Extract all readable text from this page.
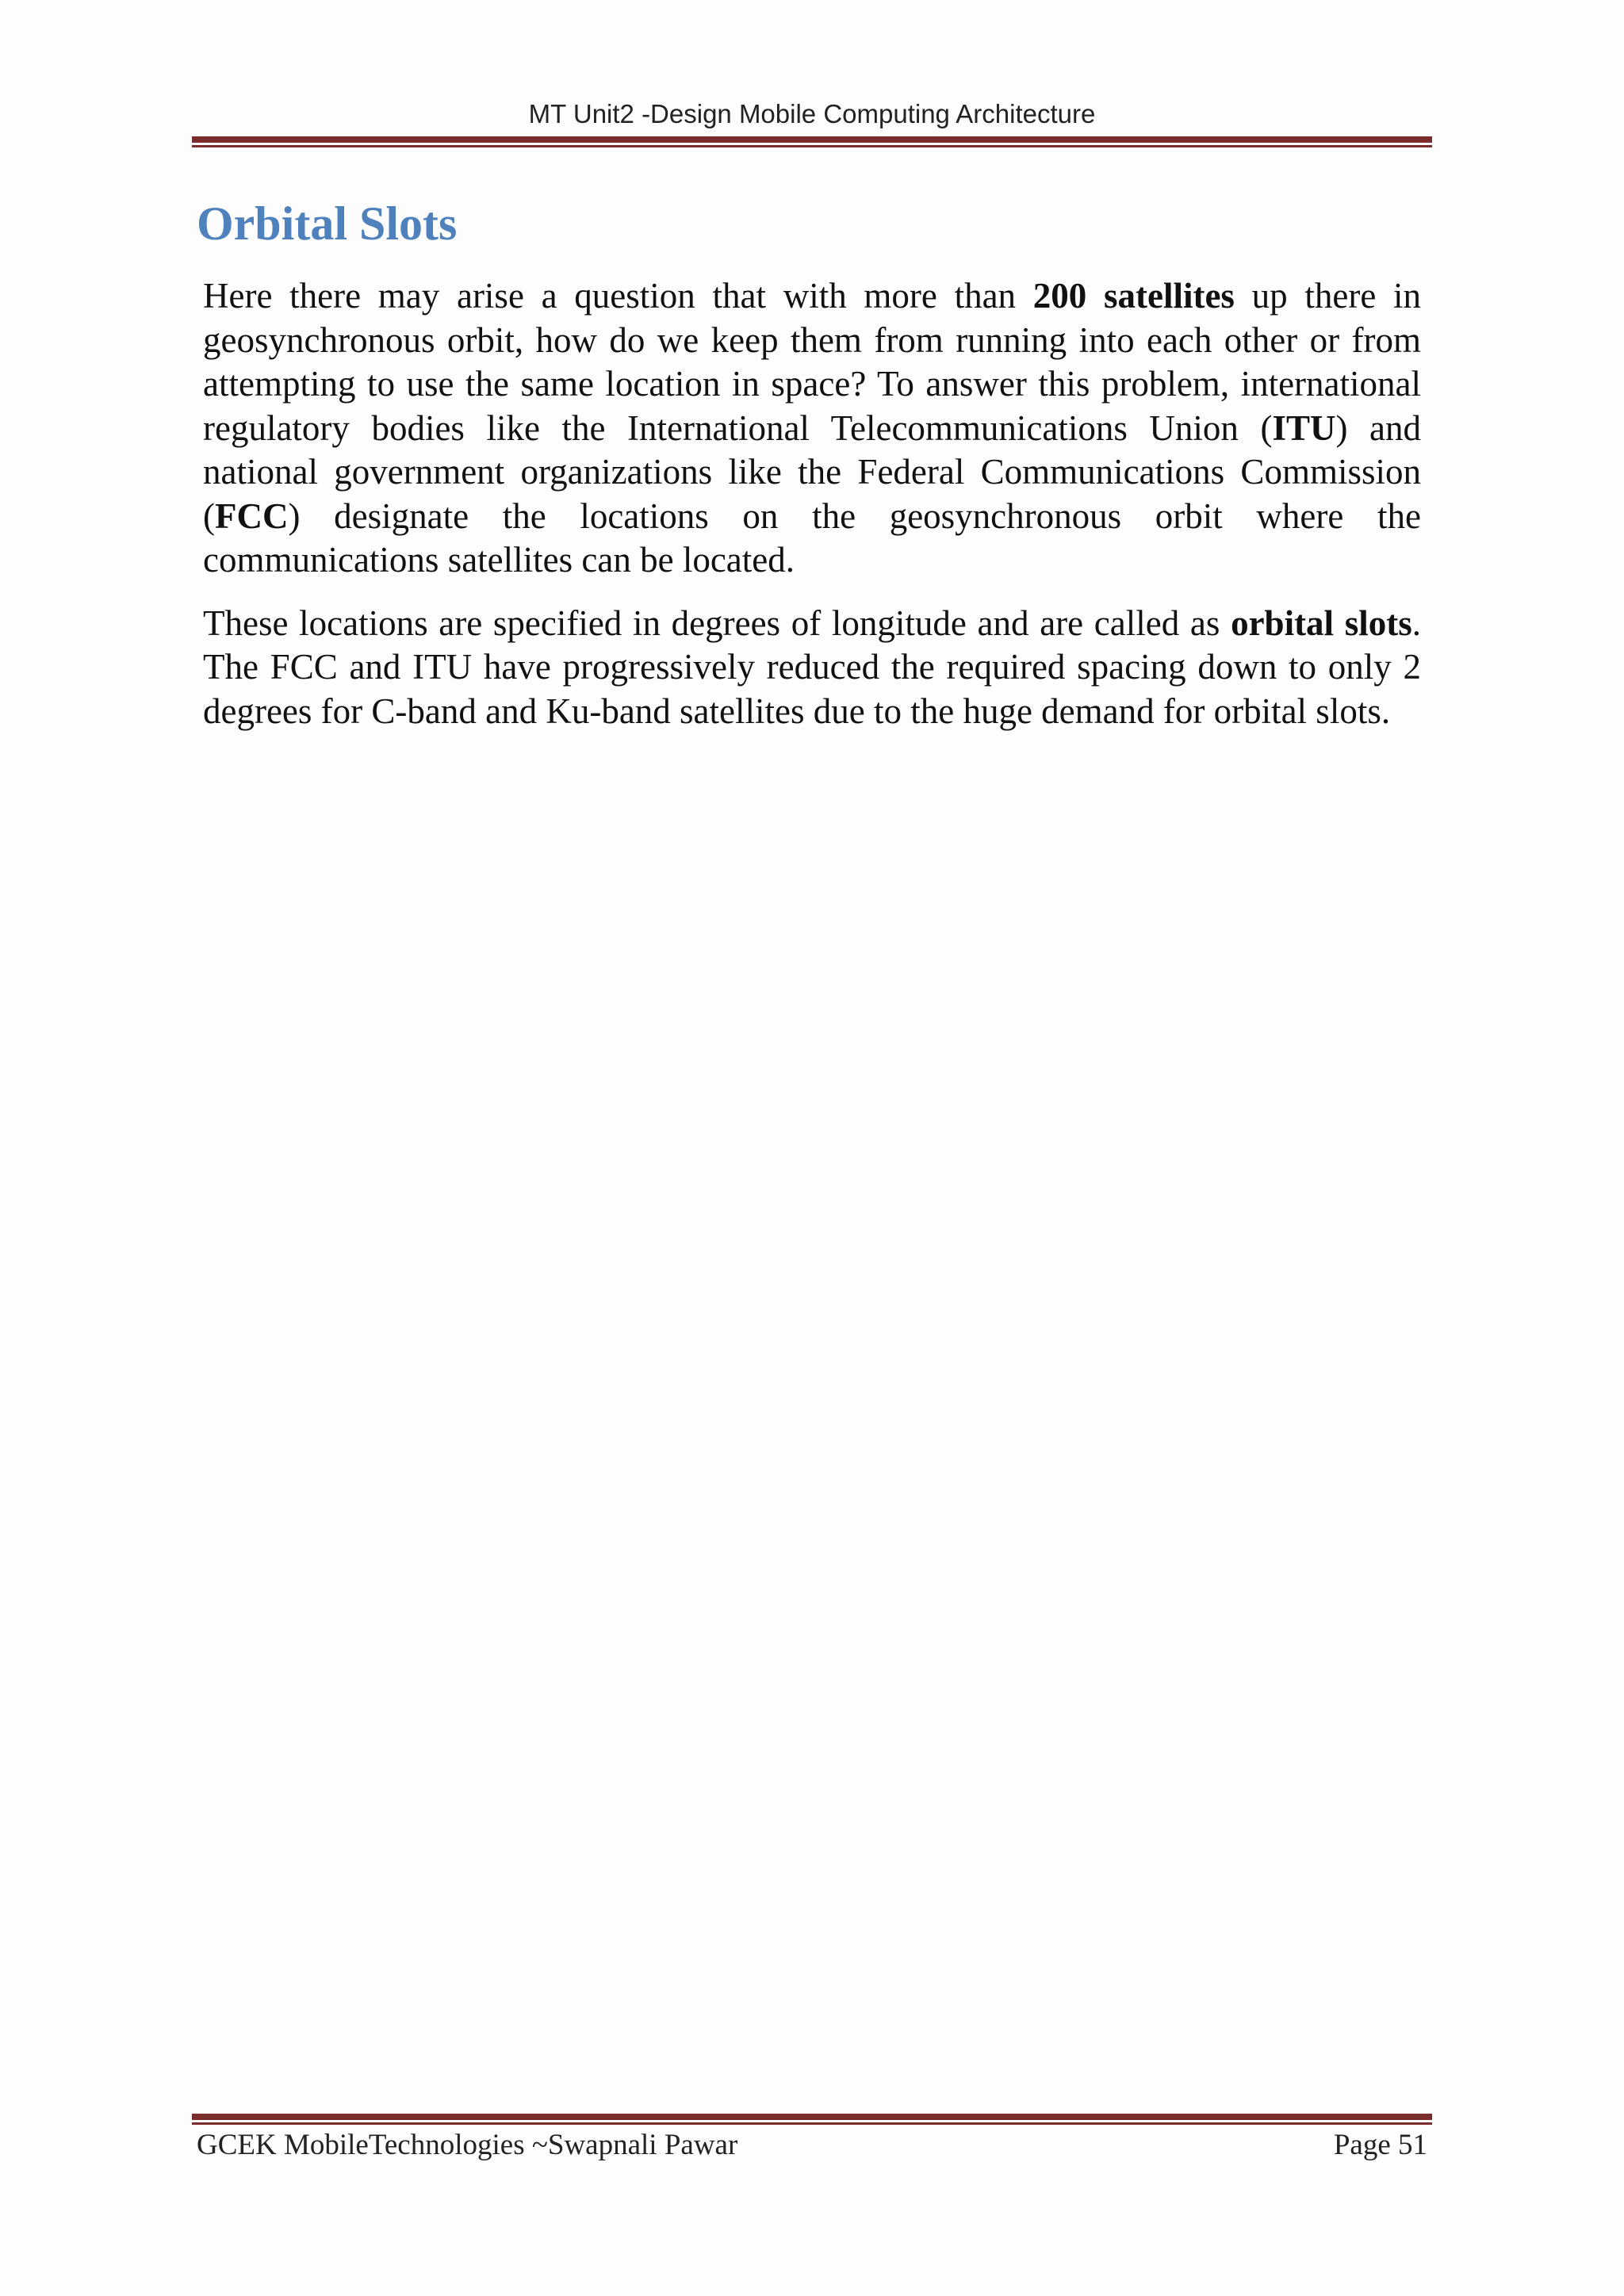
MT Unit2 -Design Mobile Computing Architecture
Orbital Slots

Here there may arise a question that with more than 200 satellites up there in geosynchronous orbit, how do we keep them from running into each other or from attempting to use the same location in space? To answer this problem, international regulatory bodies like the International Telecommunications Union (ITU) and national government organizations like the Federal Communications Commission (FCC) designate the locations on the geosynchronous orbit where the communications satellites can be located.

These locations are specified in degrees of longitude and are called as orbital slots. The FCC and ITU have progressively reduced the required spacing down to only 2 degrees for C-band and Ku-band satellites due to the huge demand for orbital slots.

GCEK MobileTechnologies ~Swapnali Pawar	Page 51
